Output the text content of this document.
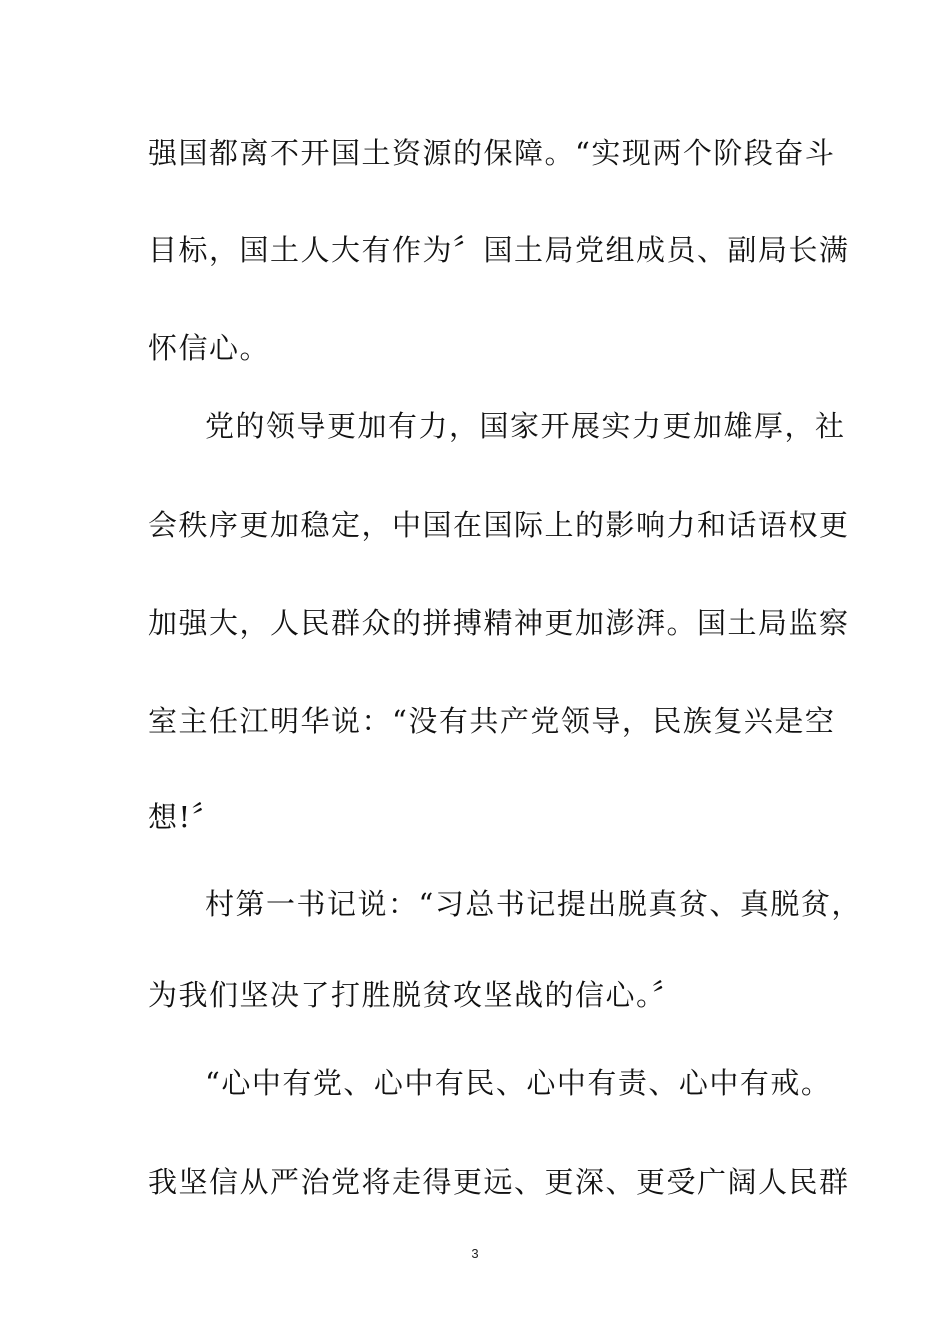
强国都离不开国土资源的保障。“实现两个阶段奋斗
目标，国土人大有作为〞国土局党组成员、副局长满
怀信心。
党的领导更加有力，国家开展实力更加雄厚，社
会秩序更加稳定，中国在国际上的影响力和话语权更
加强大，人民群众的拼搏精神更加澎湃。国土局监察
室主任江明华说：“没有共产党领导，民族复兴是空
想!〞
村第一书记说：“习总书记提出脱真贫、真脱贫，
为我们坚决了打胜脱贫攻坚战的信心。〞
“心中有党、心中有民、心中有责、心中有戒。
我坚信从严治党将走得更远、更深、更受广阔人民群
3
